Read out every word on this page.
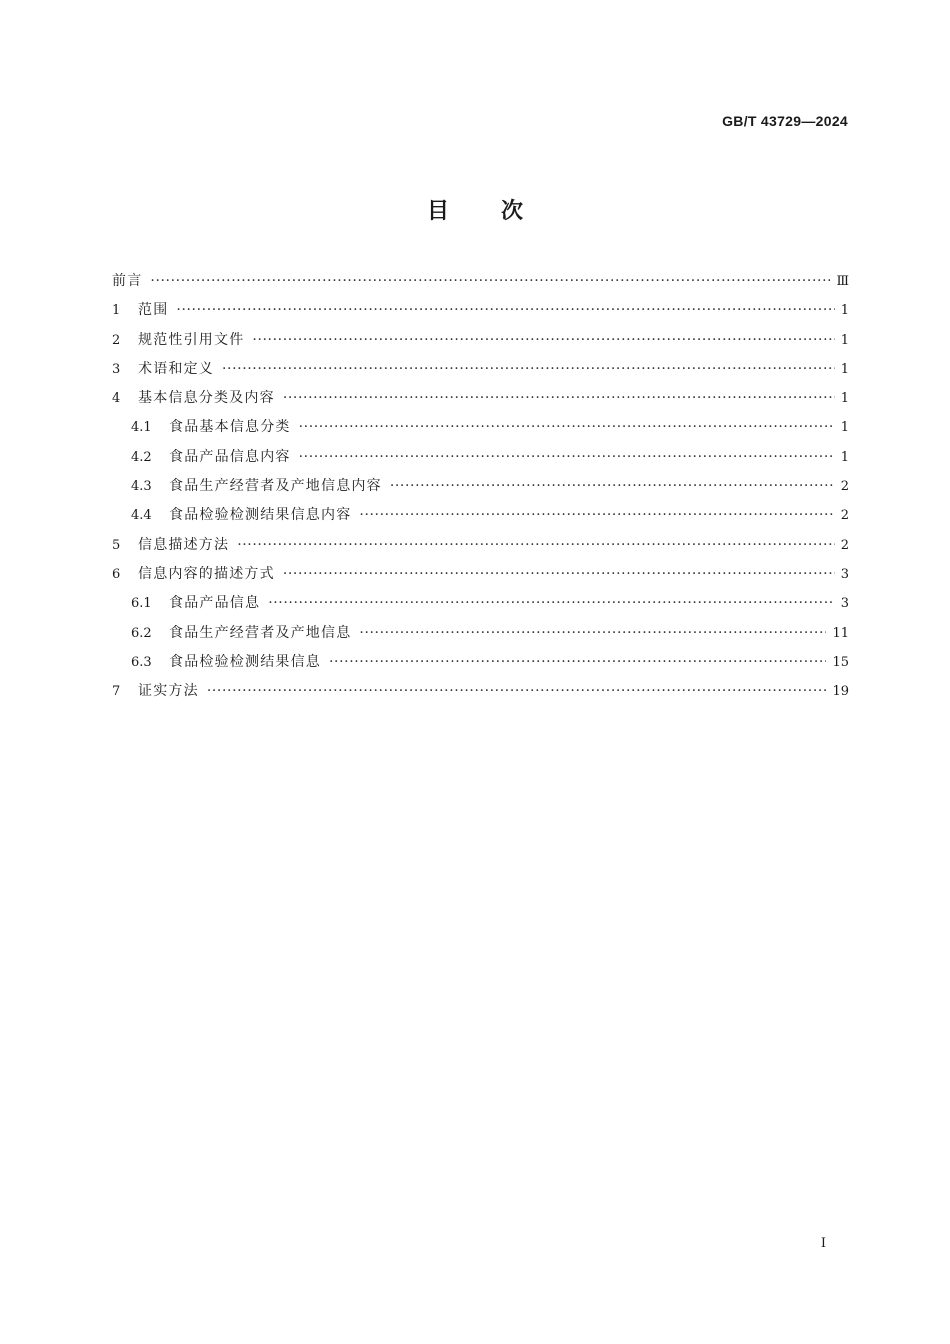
GB/T 43729—2024
目 次
前言 ·····	Ⅲ
1	范围 ·····	1
2	规范性引用文件 ·····	1
3	术语和定义 ·····	1
4	基本信息分类及内容 ·····	1
4.1	食品基本信息分类 ·····	1
4.2	食品产品信息内容 ·····	1
4.3	食品生产经营者及产地信息内容 ·····	2
4.4	食品检验检测结果信息内容 ·····	2
5	信息描述方法 ·····	2
6	信息内容的描述方式 ·····	3
6.1	食品产品信息 ·····	3
6.2	食品生产经营者及产地信息 ·····	11
6.3	食品检验检测结果信息 ·····	15
7	证实方法 ·····	19
Ⅰ
